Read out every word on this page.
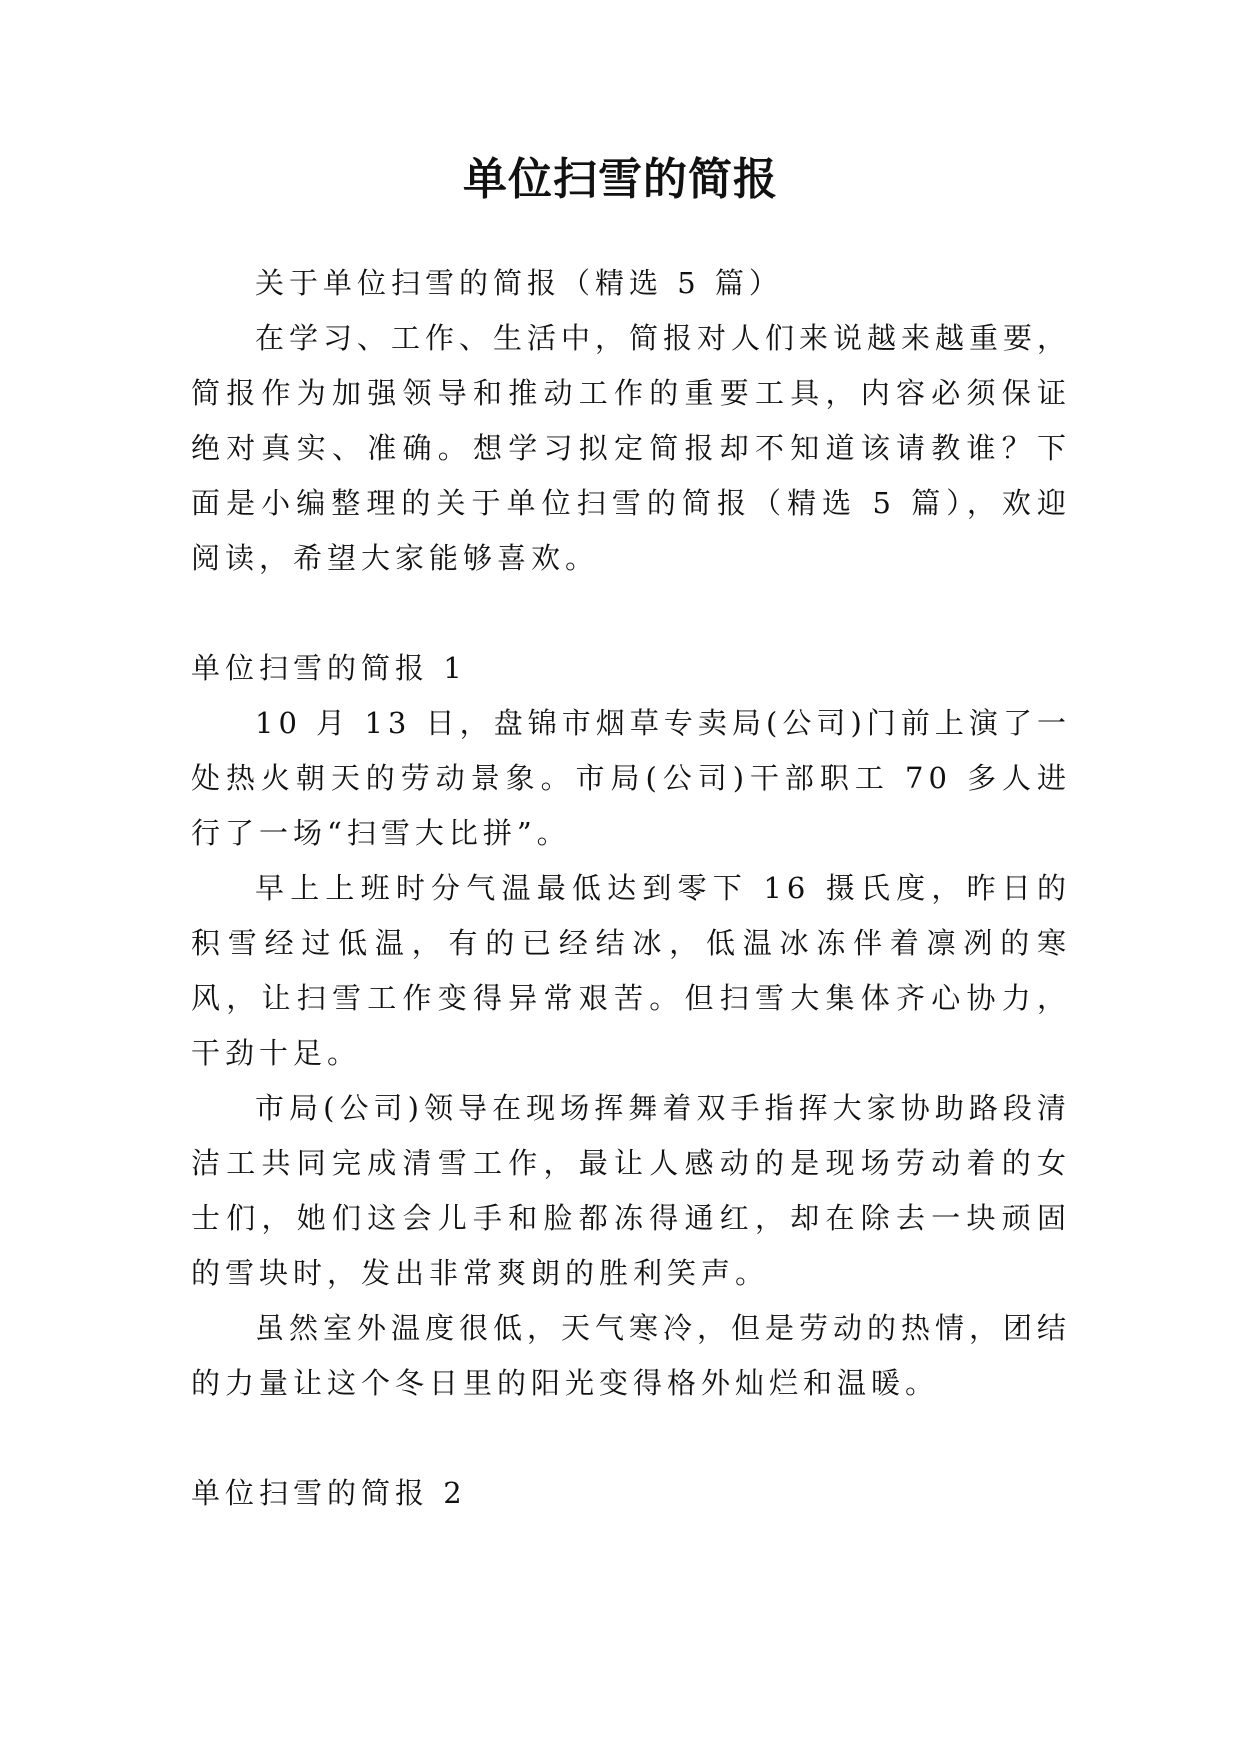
单位扫雪的简报

关于单位扫雪的简报（精选 5 篇）

在学习、工作、生活中，简报对人们来说越来越重要，简报作为加强领导和推动工作的重要工具，内容必须保证绝对真实、准确。想学习拟定简报却不知道该请教谁？下面是小编整理的关于单位扫雪的简报（精选 5 篇），欢迎阅读，希望大家能够喜欢。

单位扫雪的简报 1

10 月 13 日，盘锦市烟草专卖局(公司)门前上演了一处热火朝天的劳动景象。市局(公司)干部职工 70 多人进行了一场“扫雪大比拼”。

早上上班时分气温最低达到零下 16 摄氏度，昨日的积雪经过低温，有的已经结冰，低温冰冻伴着凛冽的寒风，让扫雪工作变得异常艰苦。但扫雪大集体齐心协力，干劲十足。

市局(公司)领导在现场挥舞着双手指挥大家协助路段清洁工共同完成清雪工作，最让人感动的是现场劳动着的女士们，她们这会儿手和脸都冻得通红，却在除去一块顽固的雪块时，发出非常爽朗的胜利笑声。

虽然室外温度很低，天气寒冷，但是劳动的热情，团结的力量让这个冬日里的阳光变得格外灿烂和温暖。

单位扫雪的简报 2
